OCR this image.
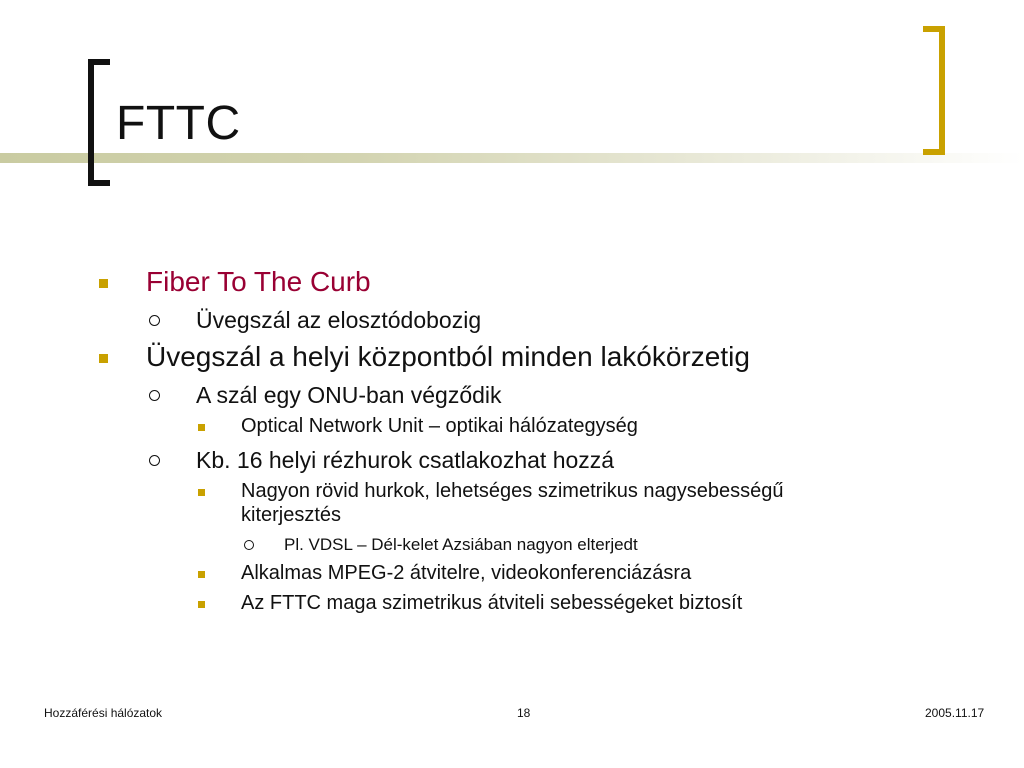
FTTC
Fiber To The Curb
Üvegszál az elosztódobozig
Üvegszál a helyi központból minden lakókörzetig
A szál egy ONU-ban végződik
Optical Network Unit – optikai hálózategység
Kb. 16 helyi rézhurok csatlakozhat hozzá
Nagyon rövid hurkok, lehetséges szimetrikus nagysebességű
kiterjesztés
Pl. VDSL – Dél-kelet Azsiában nagyon elterjedt
Alkalmas MPEG-2 átvitelre, videokonferenciázásra
Az FTTC maga szimetrikus átviteli sebességeket biztosít
Hozzáférési hálózatok	18	2005.11.17
